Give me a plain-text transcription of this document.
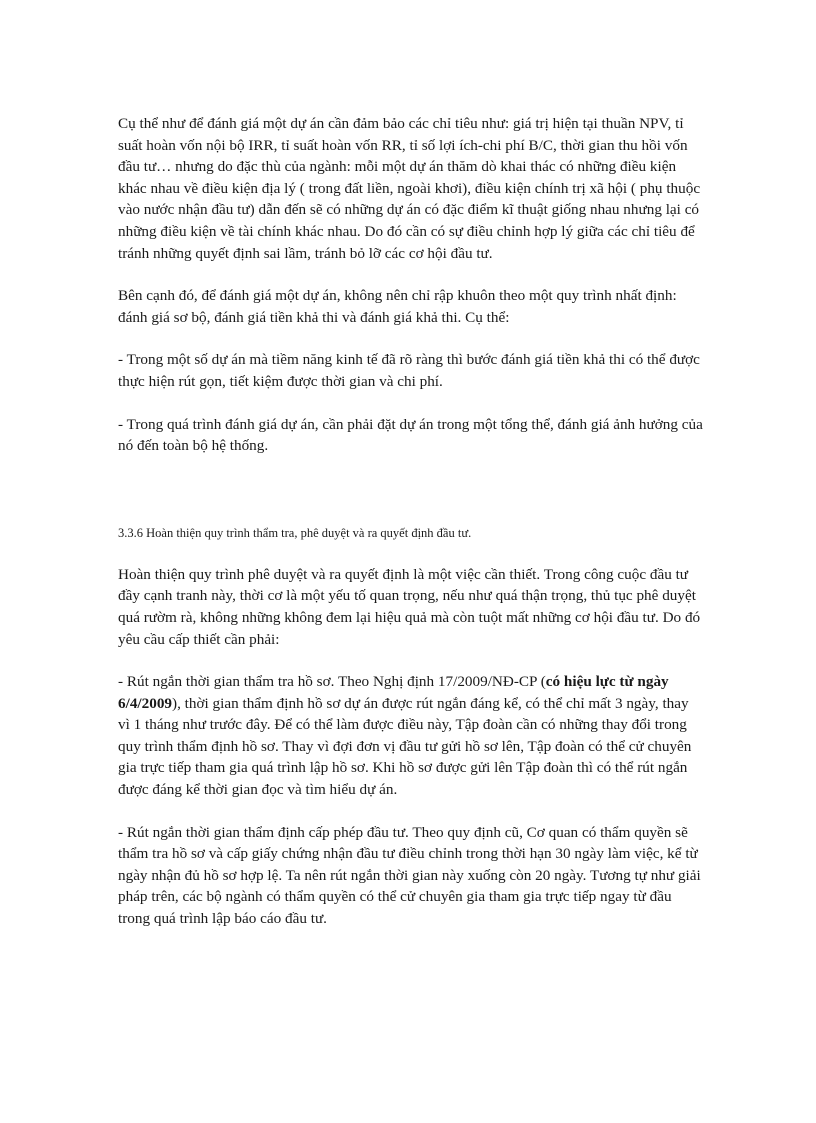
Cụ thể như để đánh giá một dự án cần đảm bảo các chỉ tiêu như: giá trị hiện tại thuần NPV, tỉ suất hoàn vốn nội bộ IRR, tỉ suất hoàn vốn RR, tỉ số lợi ích-chi phí B/C, thời gian thu hồi vốn đầu tư… nhưng do đặc thù của ngành: mỗi một dự án thăm dò khai thác có những điều kiện khác nhau về điều kiện địa lý ( trong đất liền, ngoài khơi), điều kiện chính trị xã hội ( phụ thuộc vào nước nhận đầu tư) dẫn đến sẽ có những dự án có đặc điểm kĩ thuật giống nhau nhưng lại có những điều kiện về tài chính khác nhau. Do đó cần có sự điều chỉnh hợp lý giữa các chỉ tiêu để tránh những quyết định sai lầm, tránh bỏ lỡ các cơ hội đầu tư.

Bên cạnh đó, để đánh giá một dự án, không nên chỉ rập khuôn theo một quy trình nhất định: đánh giá sơ bộ, đánh giá tiền khả thi và đánh giá khả thi. Cụ thể:

- Trong một số dự án mà tiềm năng kinh tế đã rõ ràng thì bước đánh giá tiền khả thi có thể được thực hiện rút gọn, tiết kiệm được thời gian và chi phí.

- Trong quá trình đánh giá dự án, cần phải đặt dự án trong một tổng thể, đánh giá ảnh hưởng của nó đến toàn bộ hệ thống.

3.3.6 Hoàn thiện quy trình thẩm tra, phê duyệt và ra quyết định đầu tư.

Hoàn thiện quy trình phê duyệt và ra quyết định là một việc cần thiết. Trong công cuộc đầu tư đầy cạnh tranh này, thời cơ là một yếu tố quan trọng, nếu như quá thận trọng, thủ tục phê duyệt quá rườm rà, không những không đem lại hiệu quả mà còn tuột mất những cơ hội đầu tư. Do đó yêu cầu cấp thiết cần phải:

- Rút ngắn thời gian thẩm tra hồ sơ. Theo Nghị định 17/2009/NĐ-CP (có hiệu lực từ ngày 6/4/2009), thời gian thẩm định hồ sơ dự án được rút ngắn đáng kể, có thể chỉ mất 3 ngày, thay vì 1 tháng như trước đây. Để có thể làm được điều này, Tập đoàn cần có những thay đổi trong quy trình thẩm định hồ sơ. Thay vì đợi đơn vị đầu tư gửi hồ sơ lên, Tập đoàn có thể cử chuyên gia trực tiếp tham gia quá trình lập hồ sơ. Khi hồ sơ được gửi lên Tập đoàn thì có thể rút ngắn được đáng kể thời gian đọc và tìm hiểu dự án.

- Rút ngắn thời gian thẩm định cấp phép đầu tư. Theo quy định cũ, Cơ quan có thẩm quyền sẽ thẩm tra hồ sơ và cấp giấy chứng nhận đầu tư điều chỉnh trong thời hạn 30 ngày làm việc, kể từ ngày nhận đủ hồ sơ hợp lệ. Ta nên rút ngắn thời gian này xuống còn 20 ngày. Tương tự như giải pháp trên, các bộ ngành có thẩm quyền có thể cử chuyên gia tham gia trực tiếp ngay từ đầu trong quá trình lập báo cáo đầu tư.
